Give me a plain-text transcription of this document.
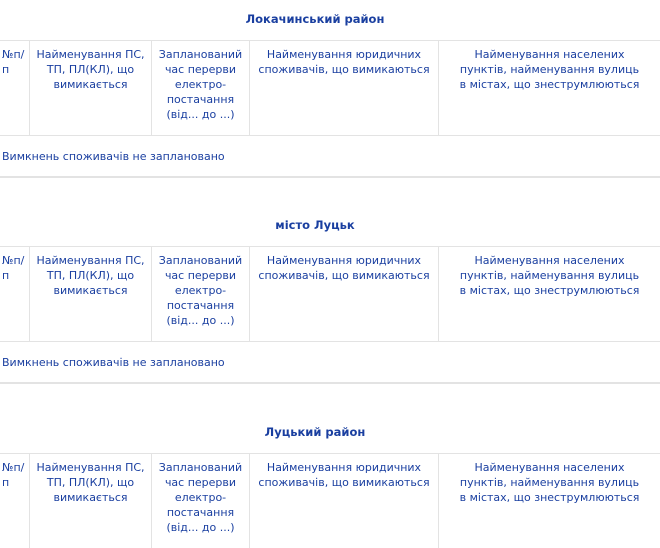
Локачинський район
№п/
п
Найменування ПС,
ТП, ПЛ(КЛ), що
вимикається
Запланований
час перерви
електро-
постачання
(від... до ...)
Найменування юридичних
споживачів, що вимикаються
Найменування населених
пунктів, найменування вулиць
в містах, що знеструмлюються
Вимкнень споживачів не заплановано
місто Луцьк
№п/
п
Найменування ПС,
ТП, ПЛ(КЛ), що
вимикається
Запланований
час перерви
електро-
постачання
(від... до ...)
Найменування юридичних
споживачів, що вимикаються
Найменування населених
пунктів, найменування вулиць
в містах, що знеструмлюються
Вимкнень споживачів не заплановано
Луцький район
№п/
п
Найменування ПС,
ТП, ПЛ(КЛ), що
вимикається
Запланований
час перерви
електро-
постачання
(від... до ...)
Найменування юридичних
споживачів, що вимикаються
Найменування населених
пунктів, найменування вулиць
в містах, що знеструмлюються
